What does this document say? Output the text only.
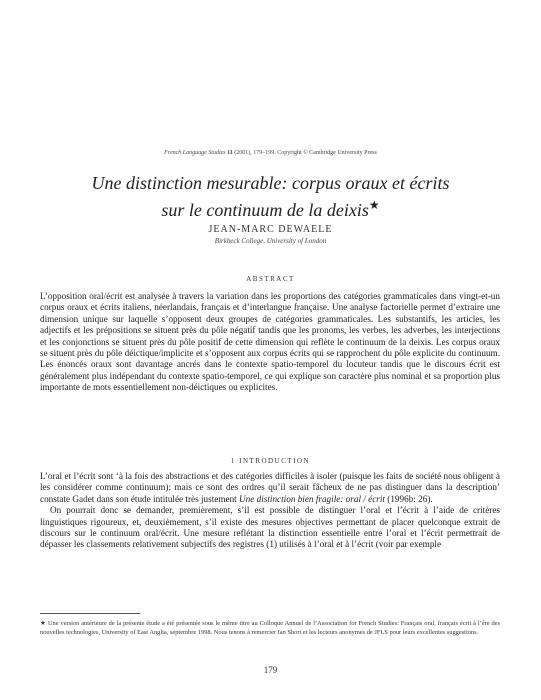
French Language Studies 11 (2001), 179–199. Copyright © Cambridge University Press
Une distinction mesurable: corpus oraux et écrits
sur le continuum de la deixis★
JEAN-MARC DEWAELE
Birkbeck College, University of London
ABSTRACT

L’opposition oral/écrit est analysée à travers la variation dans les proportions des catégories grammaticales dans vingt-et-un corpus oraux et écrits italiens, néerlandais, français et d’interlangue française. Une analyse factorielle permet d’extraire une dimension unique sur laquelle s’opposent deux groupes de catégories grammaticales. Les substantifs, les articles, les adjectifs et les prépositions se situent près du pôle négatif tandis que les pronoms, les verbes, les adverbes, les interjections et les conjonctions se situent près du pôle positif de cette dimension qui reflète le continuum de la deixis. Les corpus oraux se situent près du pôle déictique/implicite et s’opposent aux corpus écrits qui se rapprochent du pôle explicite du continuum. Les énoncés oraux sont davantage ancrés dans le contexte spatio-temporel du locuteur tandis que le discours écrit est généralement plus indépendant du contexte spatio-temporel, ce qui explique son caractère plus nominal et sa proportion plus importante de mots essentiellement non-déictiques ou explicites.

1 INTRODUCTION

L’oral et l’écrit sont ‘à la fois des abstractions et des catégories difficiles à isoler (puisque les faits de société nous obligent à les considérer comme continuum); mais ce sont des ordres qu’il serait fâcheux de ne pas distinguer dans la description’ constate Gadet dans son étude intitulée très justement Une distinction bien fragile: oral / écrit (1996b: 26).

On pourrait donc se demander, premièrement, s’il est possible de distinguer l’oral et l’écrit à l’aide de critères linguistiques rigoureux, et, deuxièmement, s’il existe des mesures objectives permettant de placer quelconque extrait de discours sur le continuum oral/écrit. Une mesure reflétant la distinction essentielle entre l’oral et l’écrit permettrait de dépasser les classements relativement subjectifs des registres (1) utilisés à l’oral et à l’écrit (voir par exemple

★ Une version antérieure de la présente étude a été présentée sous le même titre au Colloque Annuel de l’Association for French Studies: Français oral, français écrit à l’ère des nouvelles technologies, University of East Anglia, septembre 1998. Nous tenons à remercier Ian Short et les lecteurs anonymes de JFLS pour leurs excellentes suggestions.
179
